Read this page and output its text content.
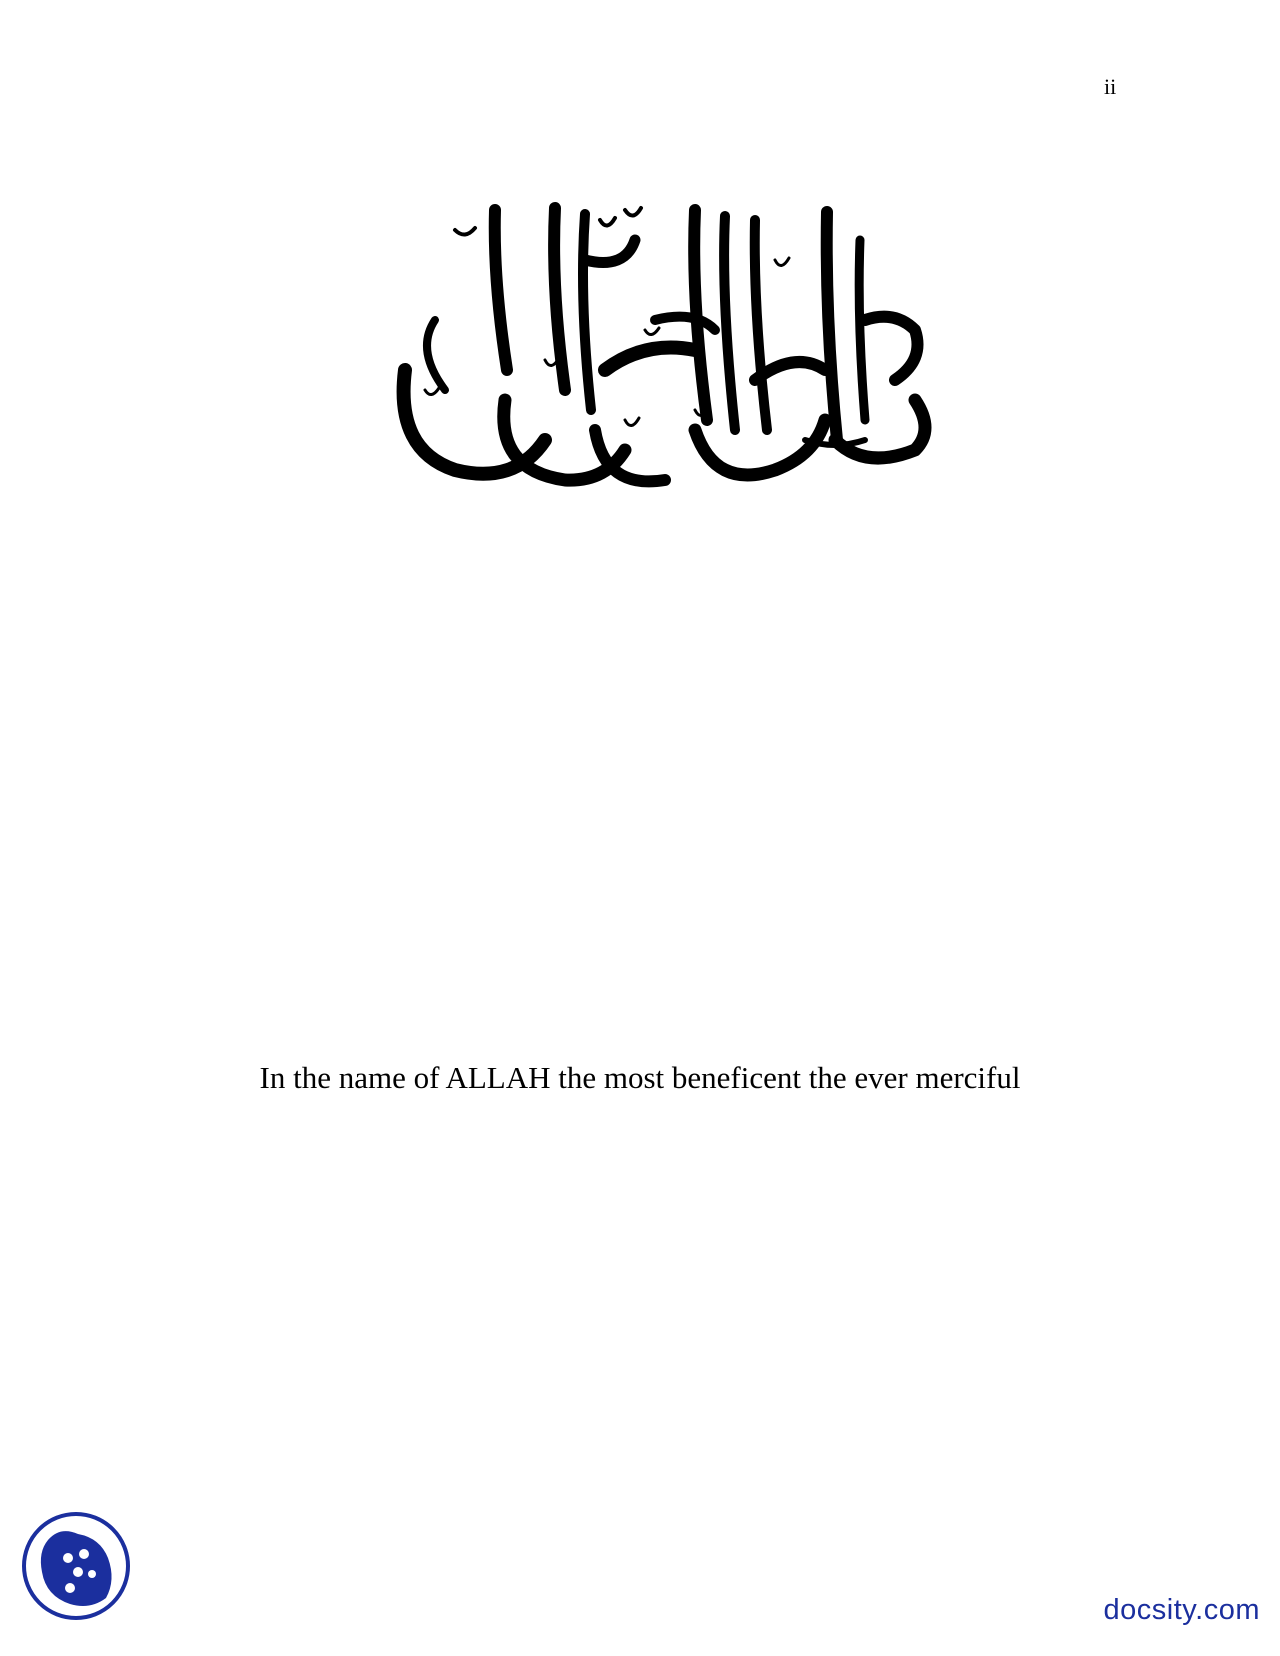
ii
In the name of ALLAH the most beneficent the ever merciful
docsity.com
